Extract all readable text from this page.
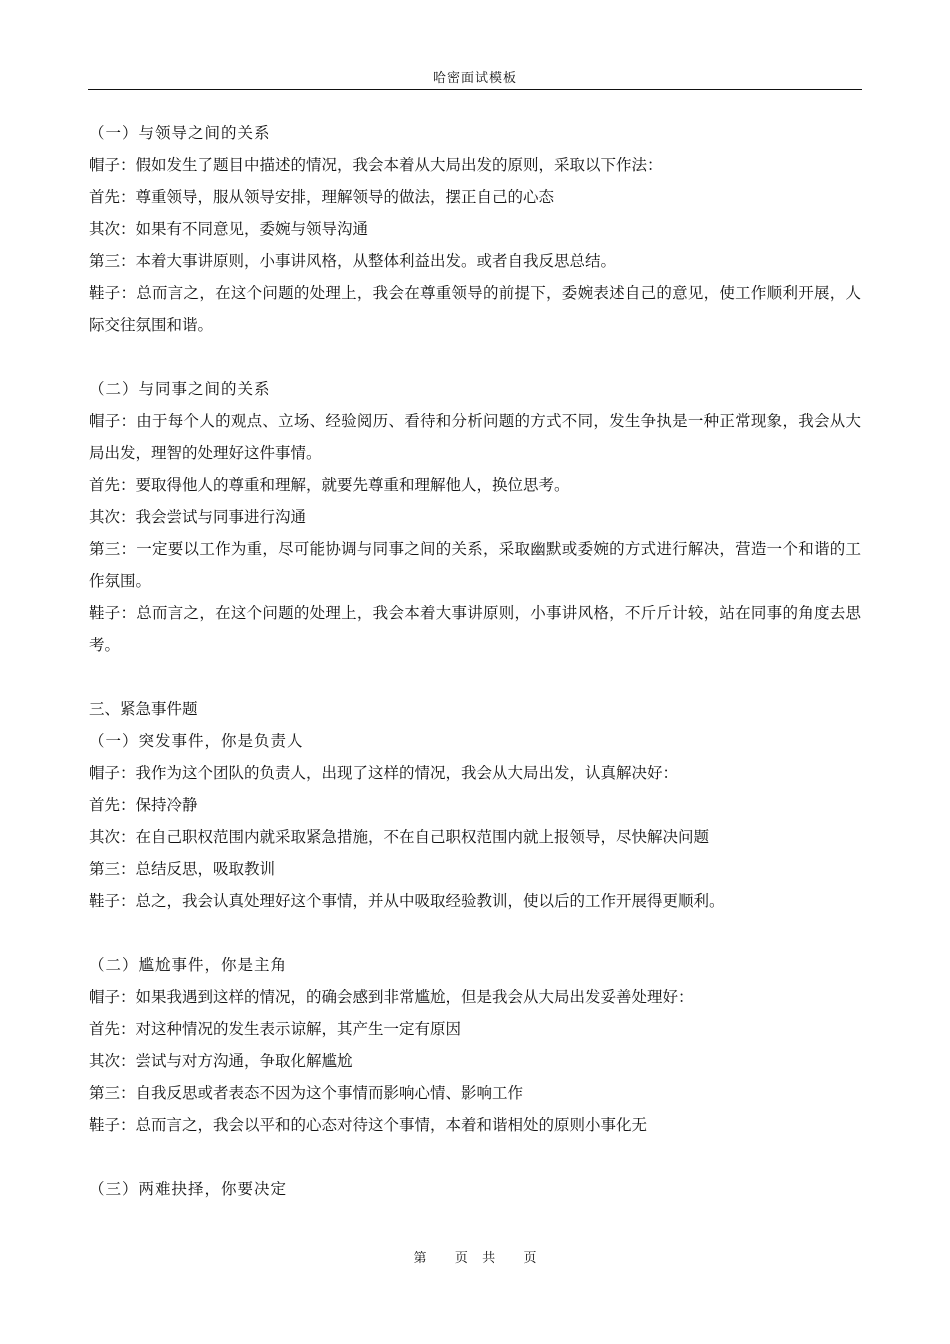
哈密面试模板
（一）与领导之间的关系
帽子：假如发生了题目中描述的情况，我会本着从大局出发的原则，采取以下作法：
首先：尊重领导，服从领导安排，理解领导的做法，摆正自己的心态
其次：如果有不同意见，委婉与领导沟通
第三：本着大事讲原则，小事讲风格，从整体利益出发。或者自我反思总结。
鞋子：总而言之，在这个问题的处理上，我会在尊重领导的前提下，委婉表述自己的意见，使工作顺利开展，人际交往氛围和谐。
（二）与同事之间的关系
帽子：由于每个人的观点、立场、经验阅历、看待和分析问题的方式不同，发生争执是一种正常现象，我会从大局出发，理智的处理好这件事情。
首先：要取得他人的尊重和理解，就要先尊重和理解他人，换位思考。
其次：我会尝试与同事进行沟通
第三：一定要以工作为重，尽可能协调与同事之间的关系，采取幽默或委婉的方式进行解决，营造一个和谐的工作氛围。
鞋子：总而言之，在这个问题的处理上，我会本着大事讲原则，小事讲风格，不斤斤计较，站在同事的角度去思考。
三、紧急事件题
（一）突发事件，你是负责人
帽子：我作为这个团队的负责人，出现了这样的情况，我会从大局出发，认真解决好：
首先：保持冷静
其次：在自己职权范围内就采取紧急措施，不在自己职权范围内就上报领导，尽快解决问题
第三：总结反思，吸取教训
鞋子：总之，我会认真处理好这个事情，并从中吸取经验教训，使以后的工作开展得更顺利。
（二）尴尬事件，你是主角
帽子：如果我遇到这样的情况，的确会感到非常尴尬，但是我会从大局出发妥善处理好：
首先：对这种情况的发生表示谅解，其产生一定有原因
其次：尝试与对方沟通，争取化解尴尬
第三：自我反思或者表态不因为这个事情而影响心情、影响工作
鞋子：总而言之，我会以平和的心态对待这个事情，本着和谐相处的原则小事化无
（三）两难抉择，你要决定
第 页 共 页
